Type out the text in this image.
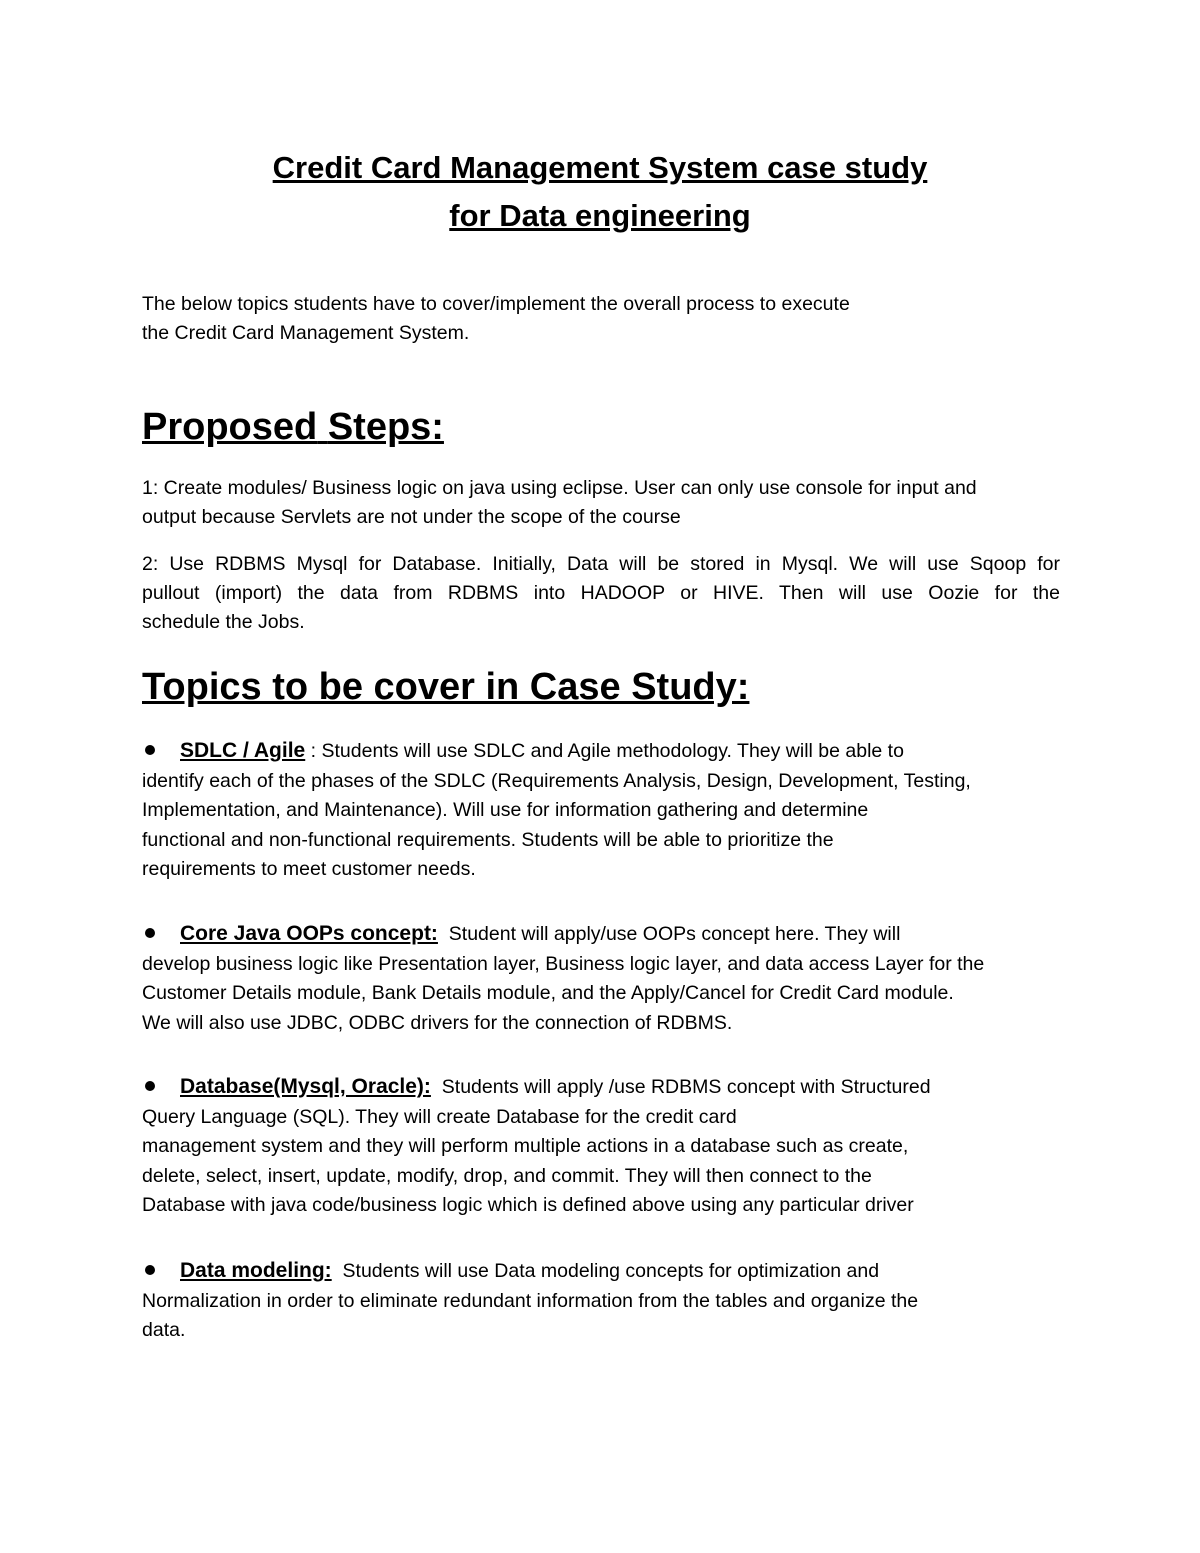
Credit Card Management System case study
for Data engineering
The below topics students have to cover/implement the overall process to execute
the Credit Card Management System.
Proposed Steps:
1: Create modules/ Business logic on java using eclipse. User can only use console for input and
output because Servlets are not under the scope of the course
2: Use RDBMS Mysql for Database. Initially, Data will be stored in Mysql. We will use Sqoop for
pullout (import) the data from RDBMS into HADOOP or HIVE. Then will use Oozie for the
schedule the Jobs.
Topics to be cover in Case Study:
SDLC / Agile : Students will use SDLC and Agile methodology. They will be able to
identify each of the phases of the SDLC (Requirements Analysis, Design, Development, Testing,
Implementation, and Maintenance). Will use for information gathering and determine
functional and non-functional requirements. Students will be able to prioritize the
requirements to meet customer needs.
Core Java OOPs concept: Student will apply/use OOPs concept here. They will
develop business logic like Presentation layer, Business logic layer, and data access Layer for the
Customer Details module, Bank Details module, and the Apply/Cancel for Credit Card module.
We will also use JDBC, ODBC drivers for the connection of RDBMS.
Database(Mysql, Oracle): Students will apply /use RDBMS concept with Structured
Query Language (SQL). They will create Database for the credit card
management system and they will perform multiple actions in a database such as create,
delete, select, insert, update, modify, drop, and commit. They will then connect to the
Database with java code/business logic which is defined above using any particular driver
Data modeling: Students will use Data modeling concepts for optimization and
Normalization in order to eliminate redundant information from the tables and organize the
data.
